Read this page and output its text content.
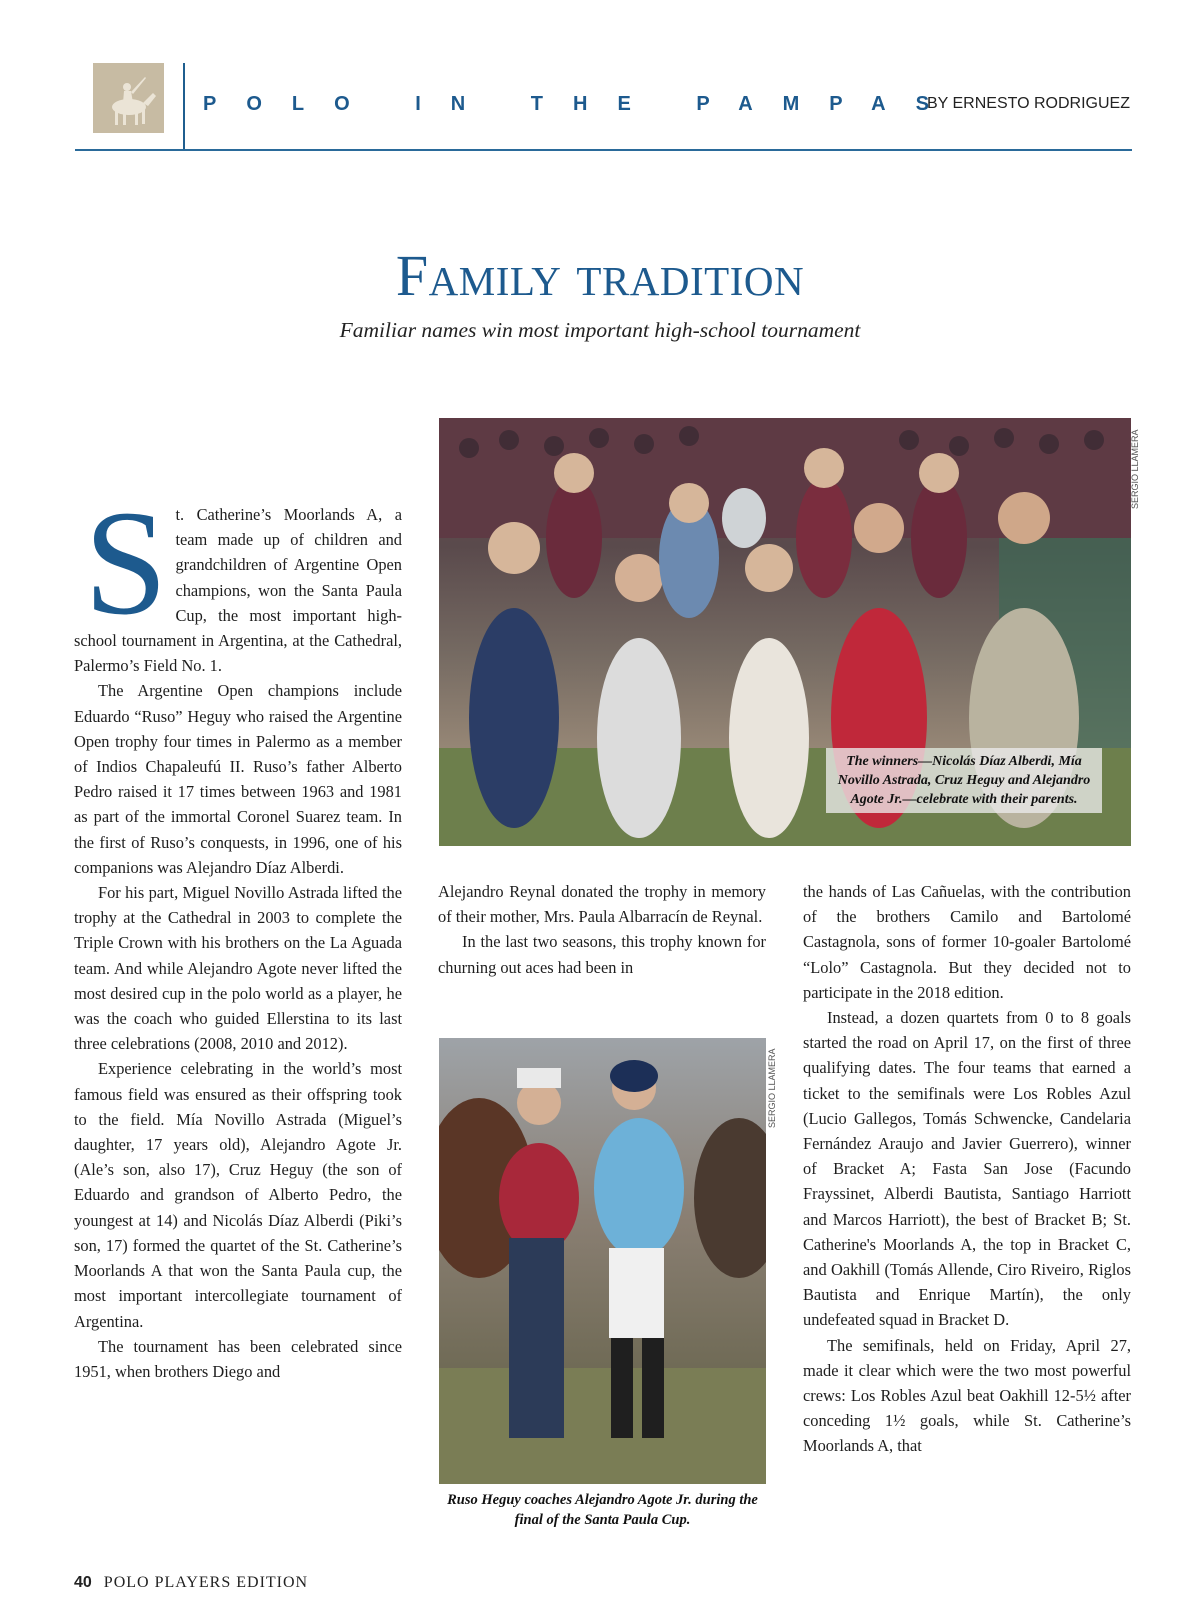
POLO IN THE PAMPAS
BY ERNESTO RODRIGUEZ
Family tradition
Familiar names win most important high-school tournament
S t. Catherine’s Moorlands A, a team made up of children and grandchildren of Argentine Open champions, won the Santa Paula Cup, the most important high-school tournament in Argentina, at the Cathedral, Palermo’s Field No. 1.

The Argentine Open champions include Eduardo “Ruso” Heguy who raised the Argentine Open trophy four times in Palermo as a member of Indios Chapaleufú II. Ruso’s father Alberto Pedro raised it 17 times between 1963 and 1981 as part of the immortal Coronel Suarez team. In the first of Ruso’s conquests, in 1996, one of his companions was Alejandro Díaz Alberdi.

For his part, Miguel Novillo Astrada lifted the trophy at the Cathedral in 2003 to complete the Triple Crown with his brothers on the La Aguada team. And while Alejandro Agote never lifted the most desired cup in the polo world as a player, he was the coach who guided Ellerstina to its last three celebrations (2008, 2010 and 2012).

Experience celebrating in the world’s most famous field was ensured as their offspring took to the field. Mía Novillo Astrada (Miguel’s daughter, 17 years old), Alejandro Agote Jr. (Ale’s son, also 17), Cruz Heguy (the son of Eduardo and grandson of Alberto Pedro, the youngest at 14) and Nicolás Díaz Alberdi (Piki’s son, 17) formed the quartet of the St. Catherine’s Moorlands A that won the Santa Paula cup, the most important intercollegiate tournament of Argentina.

The tournament has been celebrated since 1951, when brothers Diego and

SERGIO LLAMERA
The winners—Nicolás Díaz Alberdi, Mía Novillo Astrada, Cruz Heguy and Alejandro Agote Jr.—celebrate with their parents.

Alejandro Reynal donated the trophy in memory of their mother, Mrs. Paula Albarracín de Reynal.

In the last two seasons, this trophy known for churning out aces had been in

SERGIO LLAMERA
Ruso Heguy coaches Alejandro Agote Jr. during the final of the Santa Paula Cup.

the hands of Las Cañuelas, with the contribution of the brothers Camilo and Bartolomé Castagnola, sons of former 10-goaler Bartolomé “Lolo” Castagnola. But they decided not to participate in the 2018 edition.

Instead, a dozen quartets from 0 to 8 goals started the road on April 17, on the first of three qualifying dates. The four teams that earned a ticket to the semifinals were Los Robles Azul (Lucio Gallegos, Tomás Schwencke, Candelaria Fernández Araujo and Javier Guerrero), winner of Bracket A; Fasta San Jose (Facundo Frayssinet, Alberdi Bautista, Santiago Harriott and Marcos Harriott), the best of Bracket B; St. Catherine's Moorlands A, the top in Bracket C, and Oakhill (Tomás Allende, Ciro Riveiro, Riglos Bautista and Enrique Martín), the only undefeated squad in Bracket D.

The semifinals, held on Friday, April 27, made it clear which were the two most powerful crews: Los Robles Azul beat Oakhill 12-5½ after conceding 1½ goals, while St. Catherine’s Moorlands A, that

40 POLO PLAYERS EDITION
